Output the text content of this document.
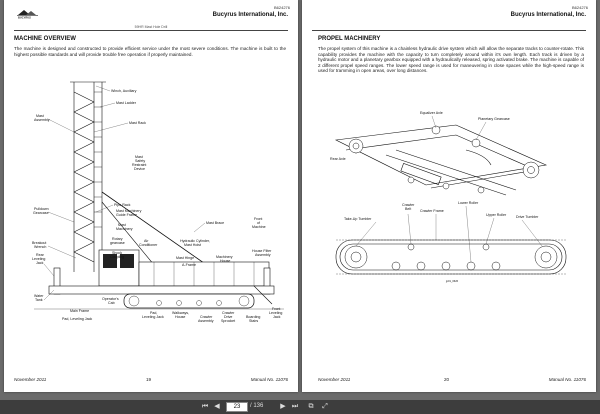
B624276
BUCYRUS	Bucyrus International, Inc.
59HR Mast Hole Drill
MACHINE OVERVIEW
The machine is designed and constructed to provide efficient service under the most severe conditions. The machine is built to the highest possible standards and will provide trouble free operation if properly maintained.
Winch, Auxiliary
Mast Ladder
Mast Rack
Pipe Rack
Mast Brace
Mast Hinge
A-Frame
Main Frame
Pad, Leveling Jack
Mast Assembly
Mast Safety Restraint Device
Pulldown Gearcase	Mast Machinery Guide Frame
Mast Machinery
Front of Machine
Breakout Wrench
Rotary gearcase	Air Conditioner
Hydraulic Cylinder, Mast Hoist
Shock Coupling
Rear Leveling Jack
House Filter Assembly
Machinery House
Water Tank	Operator's Cab
Pad, Leveling Jack
Walkways, House	Crawler Assembly
Crawler Drive Sprocket
Boarding Stairs
Front Leveling Jack
November 2011	19	Manual No. 11076
B624276
Bucyrus International, Inc.
PROPEL MACHINERY
The propel system of this machine is a chainless hydraulic drive system which will allow the separate tracks to counter-rotate. This capability provides the machine with the capacity to turn completely around within it's own length. Each track is driven by a hydraulic motor and a planetary gearbox equipped with a hydraulically released, spring activated brake. The machine is capable of 2 different propel speed ranges. The lower speed range is used for maneuvering in close spaces while the high-speed range is used for tramming in open areas, over long distances.
Equalizer Axle
Planetary Gearcase
Rear Axle
Take-Up Tumbler
Crawler Frame
Lower Roller
Upper Roller	Drive Tumbler
jp01_0626
Crawler Belt
November 2011	20	Manual No. 11076
⏮ ◀	23	/ 136	▶ ⏭	⧉	⤢
